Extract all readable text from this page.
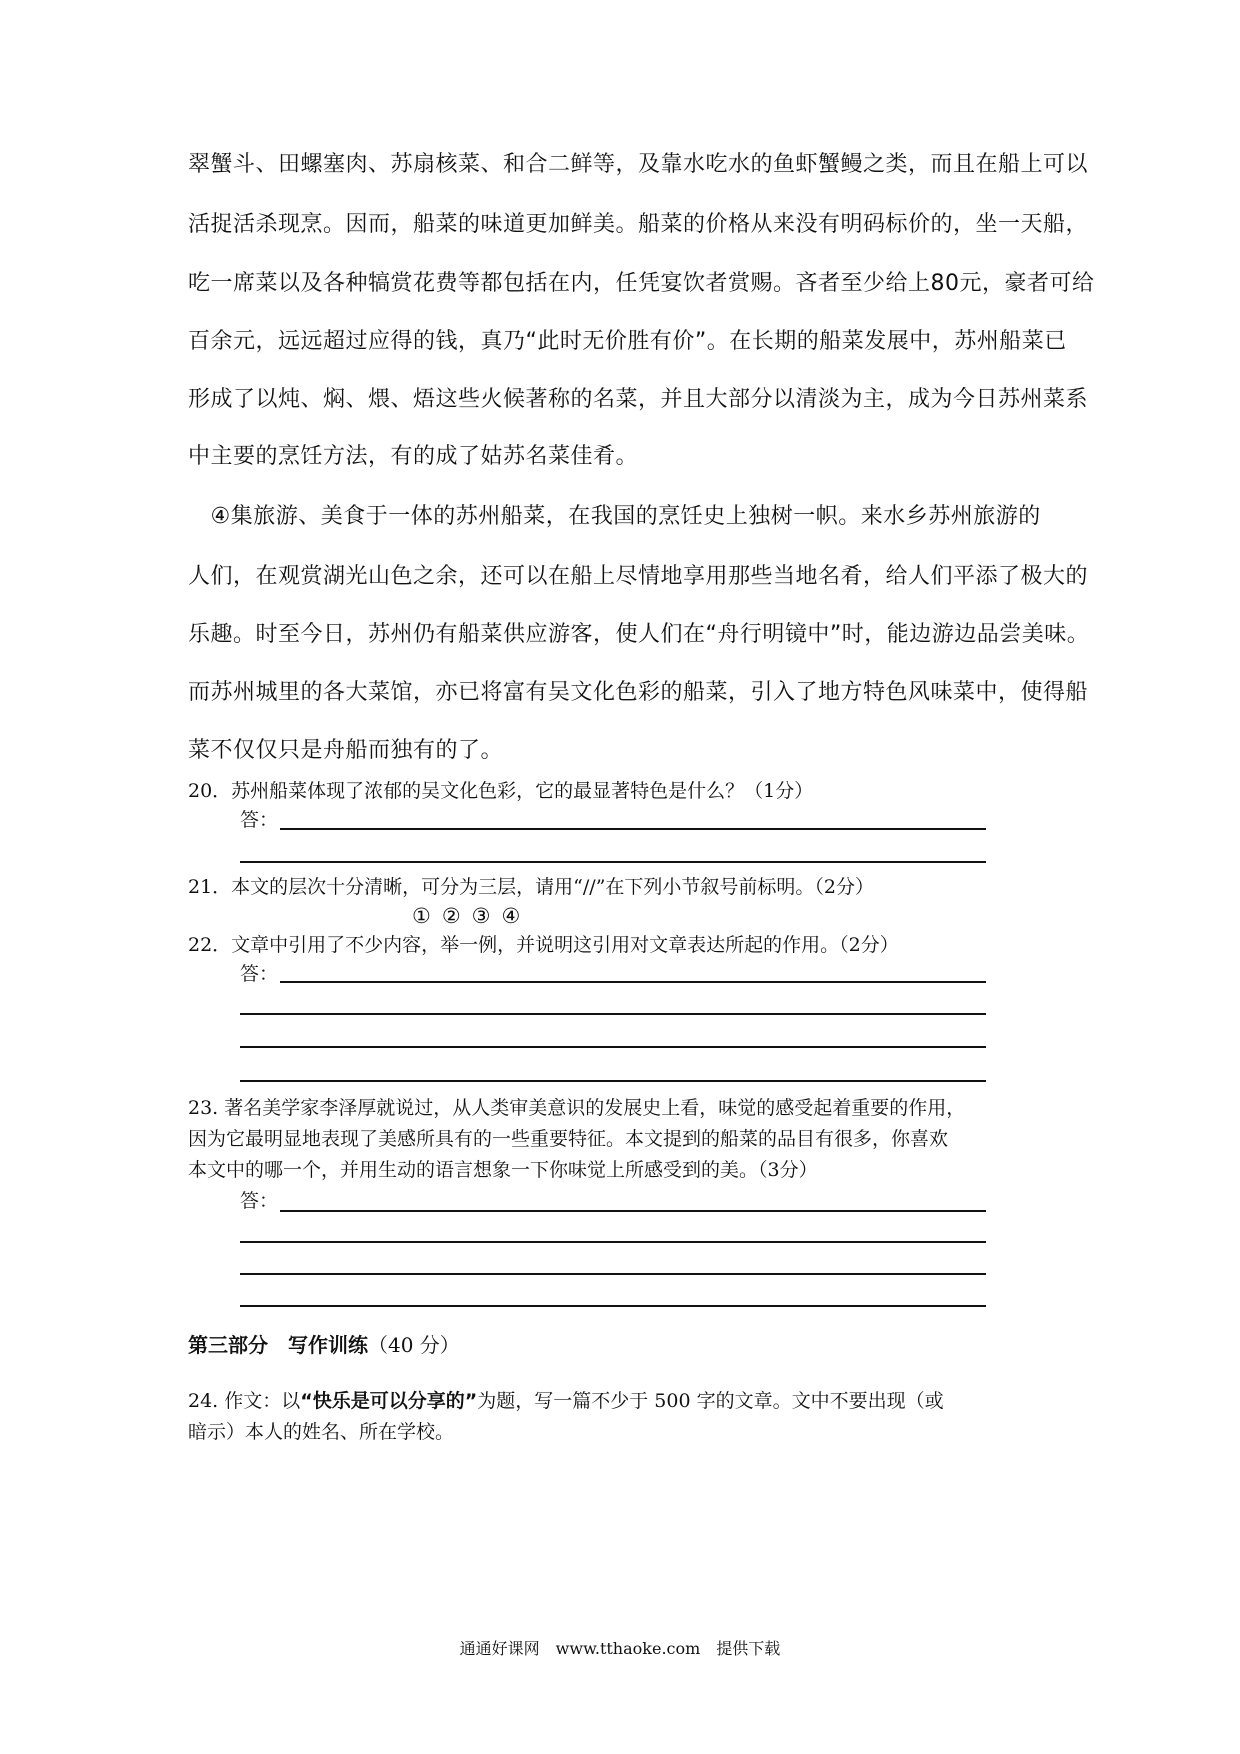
翠蟹斗、田螺塞肉、苏扇核菜、和合二鲜等，及靠水吃水的鱼虾蟹鳗之类，而且在船上可以
活捉活杀现烹。因而，船菜的味道更加鲜美。船菜的价格从来没有明码标价的，坐一天船，
吃一席菜以及各种犒赏花费等都包括在内，任凭宴饮者赏赐。吝者至少给上80元，豪者可给
百余元，远远超过应得的钱，真乃“此时无价胜有价”。在长期的船菜发展中，苏州船菜已
形成了以炖、焖、煨、焐这些火候著称的名菜，并且大部分以清淡为主，成为今日苏州菜系
中主要的烹饪方法，有的成了姑苏名菜佳肴。
　④集旅游、美食于一体的苏州船菜，在我国的烹饪史上独树一帜。来水乡苏州旅游的
人们，在观赏湖光山色之余，还可以在船上尽情地享用那些当地名肴，给人们平添了极大的
乐趣。时至今日，苏州仍有船菜供应游客，使人们在“舟行明镜中”时，能边游边品尝美味。
而苏州城里的各大菜馆，亦已将富有吴文化色彩的船菜，引入了地方特色风味菜中，使得船
菜不仅仅只是舟船而独有的了。
20．苏州船菜体现了浓郁的吴文化色彩，它的最显著特色是什么？（1分）
答：
21．本文的层次十分清晰，可分为三层，请用“//”在下列小节叙号前标明。（2分）
①②③④
22．文章中引用了不少内容，举一例，并说明这引用对文章表达所起的作用。（2分）
答：
23. 著名美学家李泽厚就说过，从人类审美意识的发展史上看，味觉的感受起着重要的作用，
因为它最明显地表现了美感所具有的一些重要特征。本文提到的船菜的品目有很多，你喜欢
本文中的哪一个，并用生动的语言想象一下你味觉上所感受到的美。（3分）
答：
第三部分　写作训练（40 分）
24. 作文：以“快乐是可以分享的”为题，写一篇不少于 500 字的文章。文中不要出现（或
暗示）本人的姓名、所在学校。
通通好课网　www.tthaoke.com　提供下载
